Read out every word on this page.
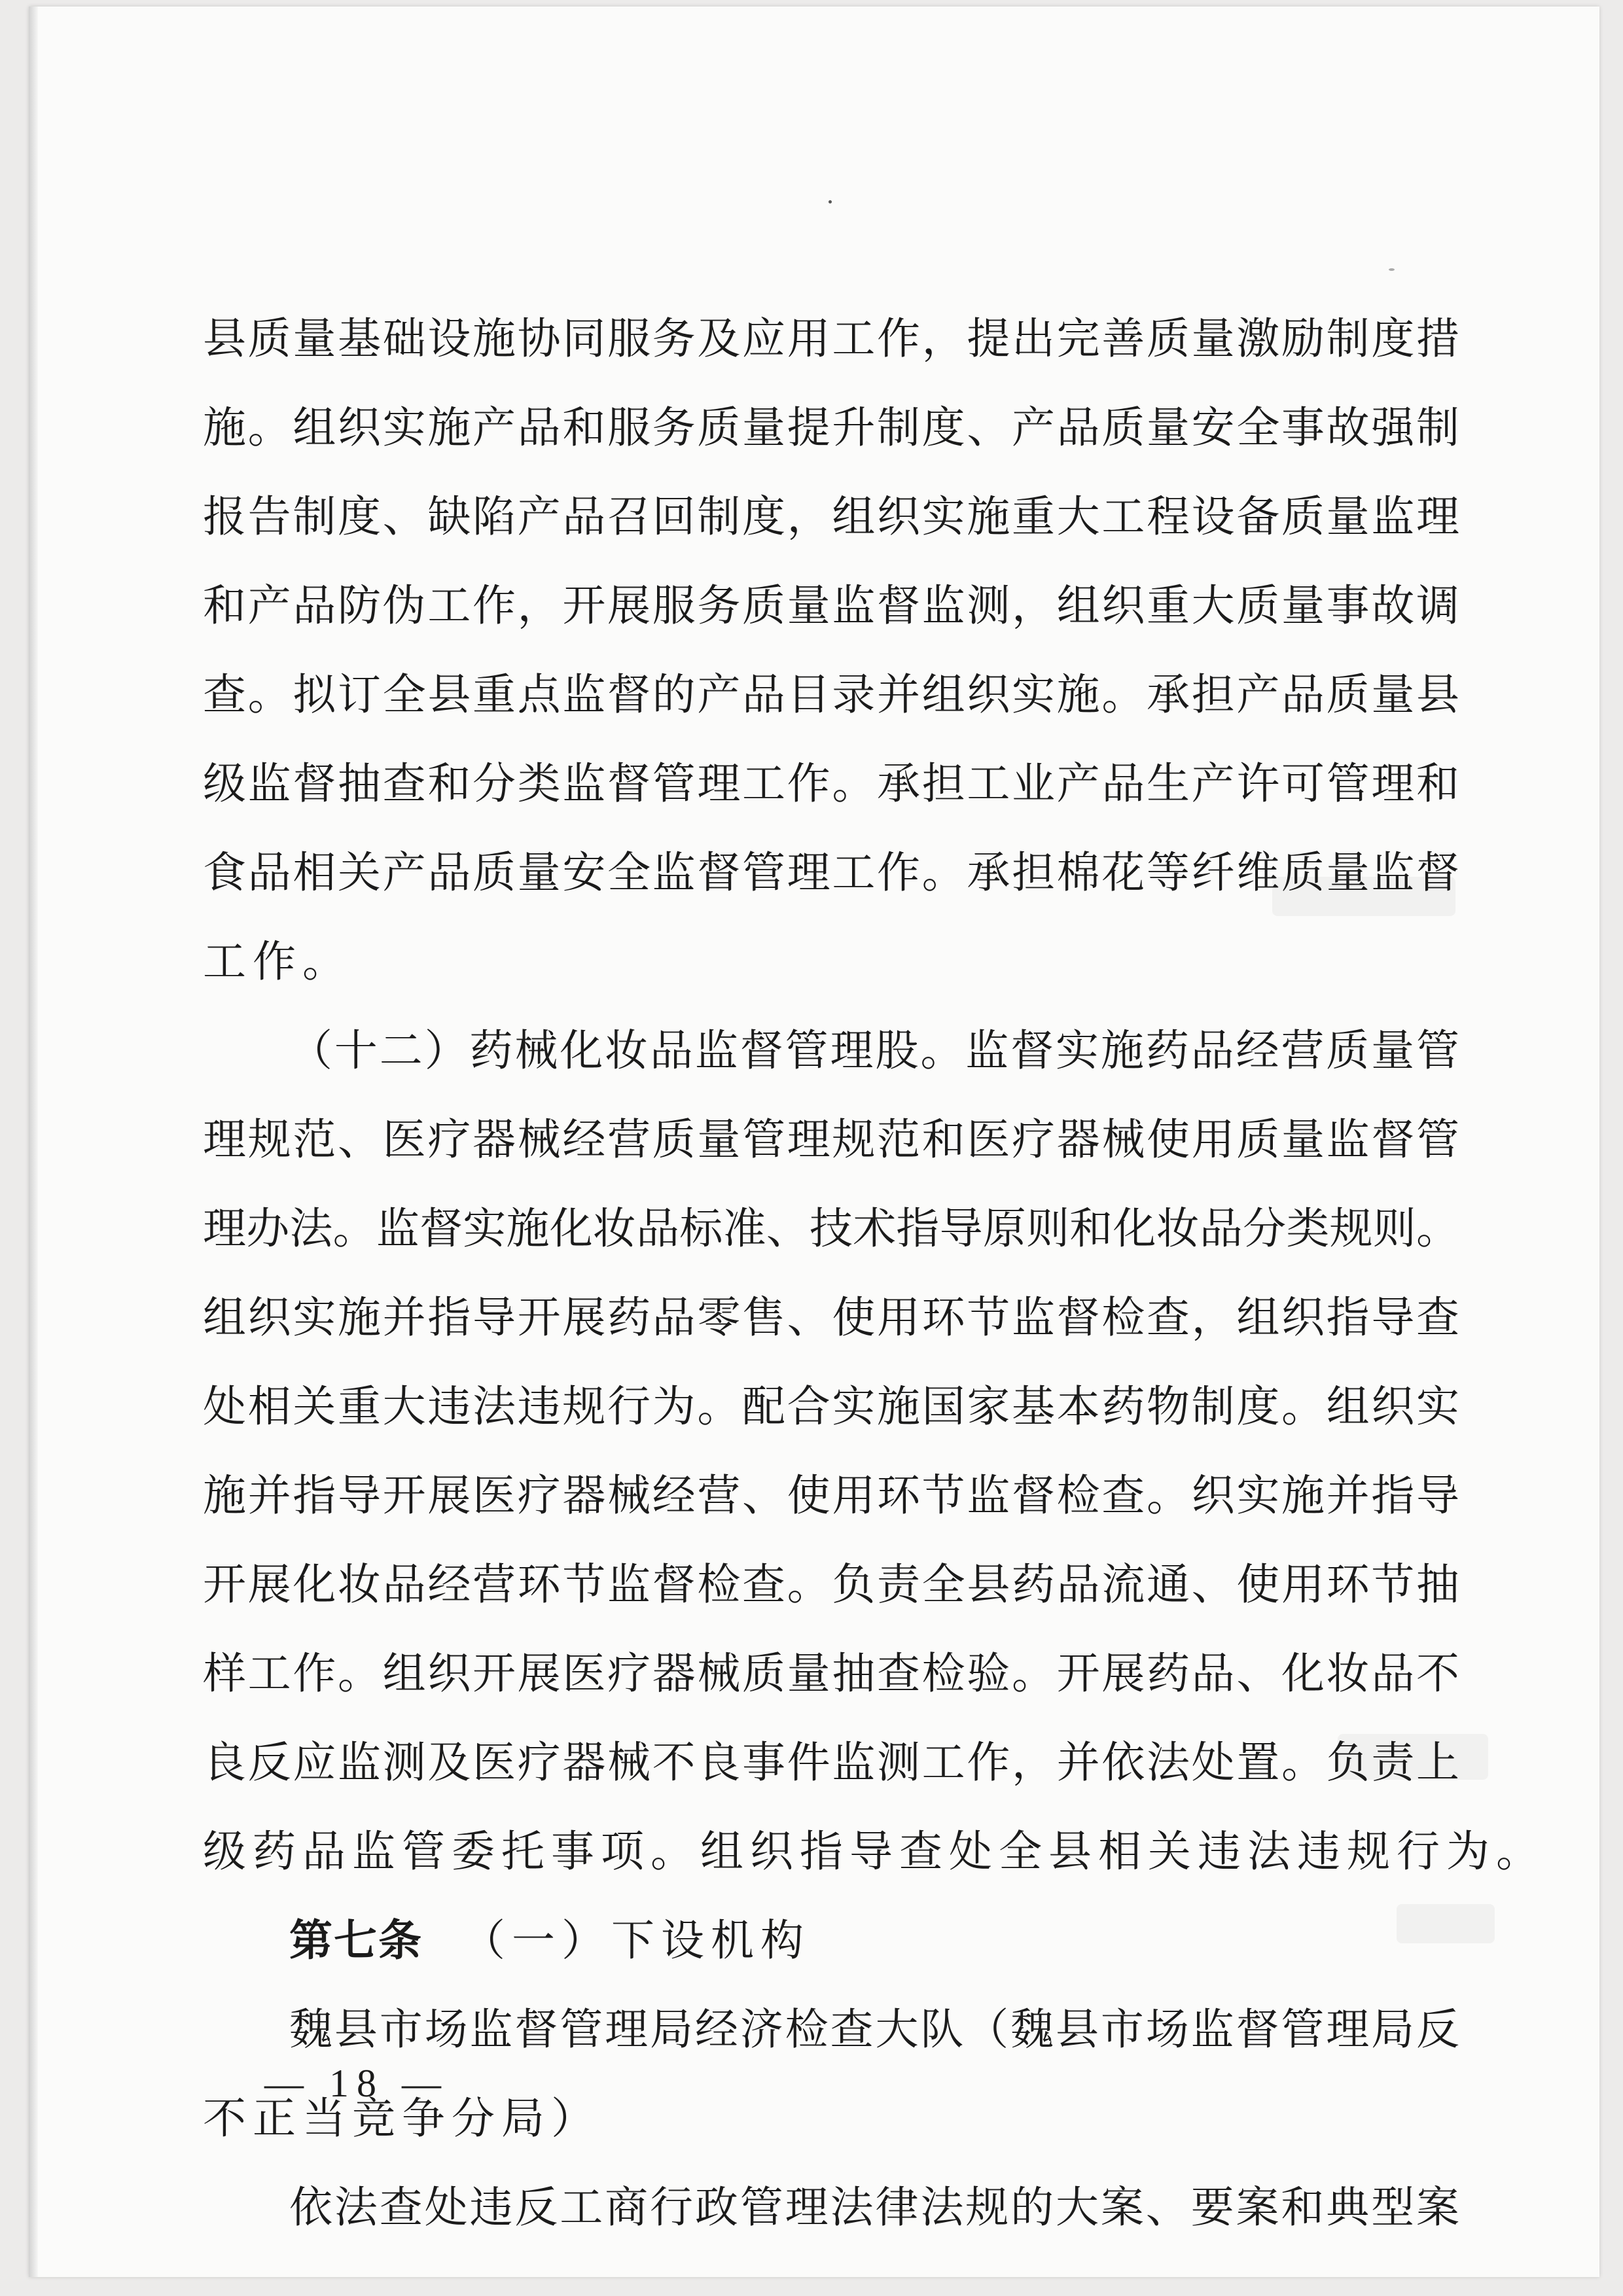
县质量基础设施协同服务及应用工作，提出完善质量激励制度措
施。组织实施产品和服务质量提升制度、产品质量安全事故强制
报告制度、缺陷产品召回制度，组织实施重大工程设备质量监理
和产品防伪工作，开展服务质量监督监测，组织重大质量事故调
查。拟订全县重点监督的产品目录并组织实施。承担产品质量县
级监督抽查和分类监督管理工作。承担工业产品生产许可管理和
食品相关产品质量安全监督管理工作。承担棉花等纤维质量监督
工作。
（十二）药械化妆品监督管理股。监督实施药品经营质量管
理规范、医疗器械经营质量管理规范和医疗器械使用质量监督管
理办法。监督实施化妆品标准、技术指导原则和化妆品分类规则。
组织实施并指导开展药品零售、使用环节监督检查，组织指导查
处相关重大违法违规行为。配合实施国家基本药物制度。组织实
施并指导开展医疗器械经营、使用环节监督检查。织实施并指导
开展化妆品经营环节监督检查。负责全县药品流通、使用环节抽
样工作。组织开展医疗器械质量抽查检验。开展药品、化妆品不
良反应监测及医疗器械不良事件监测工作，并依法处置。负责上
级药品监管委托事项。组织指导查处全县相关违法违规行为。
第七条 （一）下设机构
魏县市场监督管理局经济检查大队（魏县市场监督管理局反
不正当竞争分局）
依法查处违反工商行政管理法律法规的大案、要案和典型案
— 18 —
